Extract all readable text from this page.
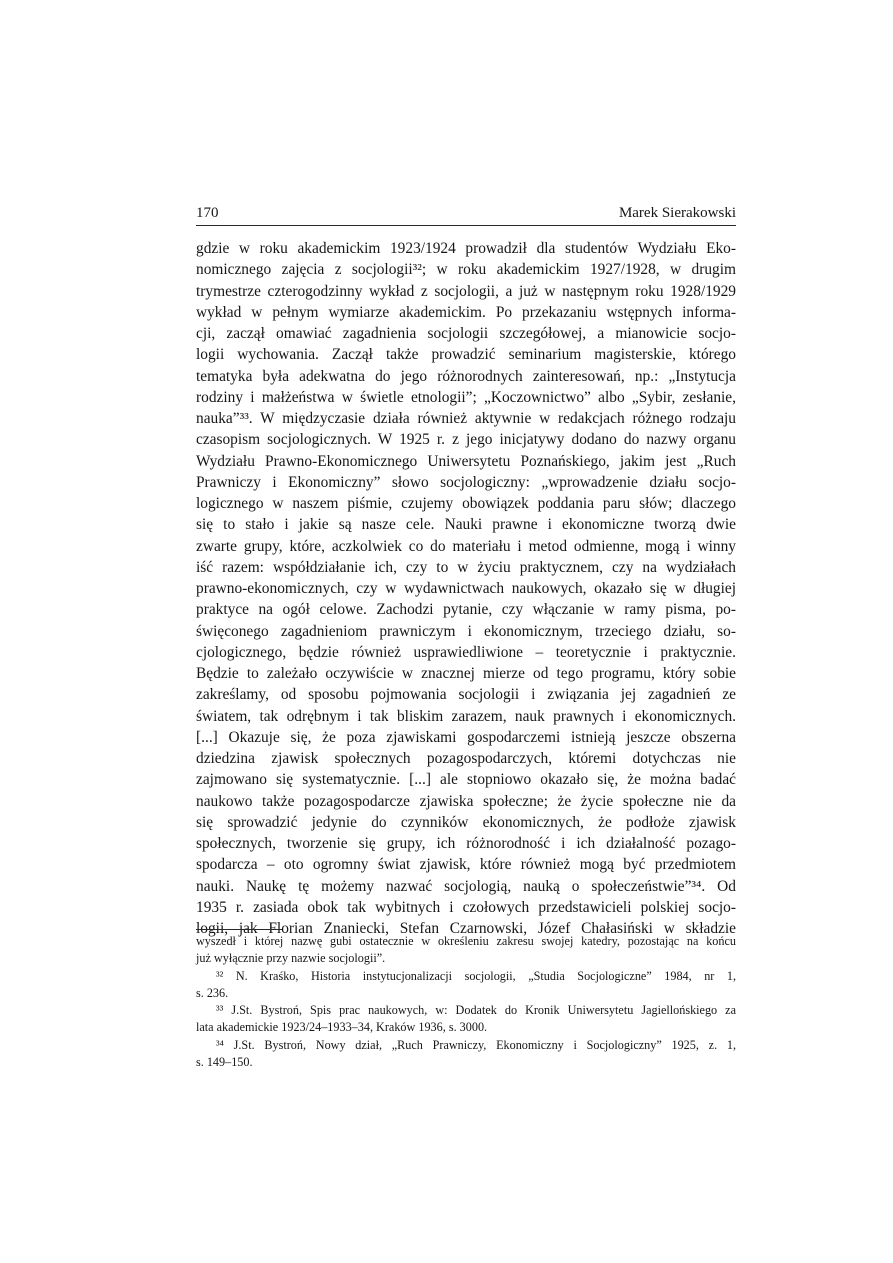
170	Marek Sierakowski
gdzie w roku akademickim 1923/1924 prowadził dla studentów Wydziału Eko-
nomicznego zajęcia z socjologii³²; w roku akademickim 1927/1928, w drugim
trymestrze czterogodzinny wykład z socjologii, a już w następnym roku 1928/1929
wykład w pełnym wymiarze akademickim. Po przekazaniu wstępnych informa-
cji, zaczął omawiać zagadnienia socjologii szczegółowej, a mianowicie socjo-
logii wychowania. Zaczął także prowadzić seminarium magisterskie, którego
tematyka była adekwatna do jego różnorodnych zainteresowań, np.: „Instytucja
rodziny i małżeństwa w świetle etnologii”; „Koczownictwo” albo „Sybir, zesłanie,
nauka”³³. W międzyczasie działa również aktywnie w redakcjach różnego rodzaju
czasopism socjologicznych. W 1925 r. z jego inicjatywy dodano do nazwy organu
Wydziału Prawno-Ekonomicznego Uniwersytetu Poznańskiego, jakim jest „Ruch
Prawniczy i Ekonomiczny” słowo socjologiczny: „wprowadzenie działu socjo-
logicznego w naszem piśmie, czujemy obowiązek poddania paru słów; dlaczego
się to stało i jakie są nasze cele. Nauki prawne i ekonomiczne tworzą dwie
zwarte grupy, które, aczkolwiek co do materiału i metod odmienne, mogą i winny
iść razem: współdziałanie ich, czy to w życiu praktycznem, czy na wydziałach
prawno-ekonomicznych, czy w wydawnictwach naukowych, okazało się w długiej
praktyce na ogół celowe. Zachodzi pytanie, czy włączanie w ramy pisma, po-
święconego zagadnieniom prawniczym i ekonomicznym, trzeciego działu, so-
cjologicznego, będzie również usprawiedliwione – teoretycznie i praktycznie.
Będzie to zależało oczywiście w znacznej mierze od tego programu, który sobie
zakreślamy, od sposobu pojmowania socjologii i związania jej zagadnień ze
światem, tak odrębnym i tak bliskim zarazem, nauk prawnych i ekonomicznych.
[...] Okazuje się, że poza zjawiskami gospodarczemi istnieją jeszcze obszerna
dziedzina zjawisk społecznych pozagospodarczych, któremi dotychczas nie
zajmowano się systematycznie. [...] ale stopniowo okazało się, że można badać
naukowo także pozagospodarcze zjawiska społeczne; że życie społeczne nie da
się sprowadzić jedynie do czynników ekonomicznych, że podłoże zjawisk
społecznych, tworzenie się grupy, ich różnorodność i ich działalność pozago-
spodarcza – oto ogromny świat zjawisk, które również mogą być przedmiotem
nauki. Naukę tę możemy nazwać socjologią, nauką o społeczeństwie”³⁴. Od
1935 r. zasiada obok tak wybitnych i czołowych przedstawicieli polskiej socjo-
logii, jak Florian Znaniecki, Stefan Czarnowski, Józef Chałasiński w składzie
wyszedł i której nazwę gubi ostatecznie w określeniu zakresu swojej katedry, pozostając na końcu
już wyłącznie przy nazwie socjologii”.
³² N. Kraśko, Historia instytucjonalizacji socjologii, „Studia Socjologiczne” 1984, nr 1,
s. 236.
³³ J.St. Bystroń, Spis prac naukowych, w: Dodatek do Kronik Uniwersytetu Jagiellońskiego za
lata akademickie 1923/24–1933–34, Kraków 1936, s. 3000.
³⁴ J.St. Bystroń, Nowy dział, „Ruch Prawniczy, Ekonomiczny i Socjologiczny” 1925, z. 1,
s. 149–150.
